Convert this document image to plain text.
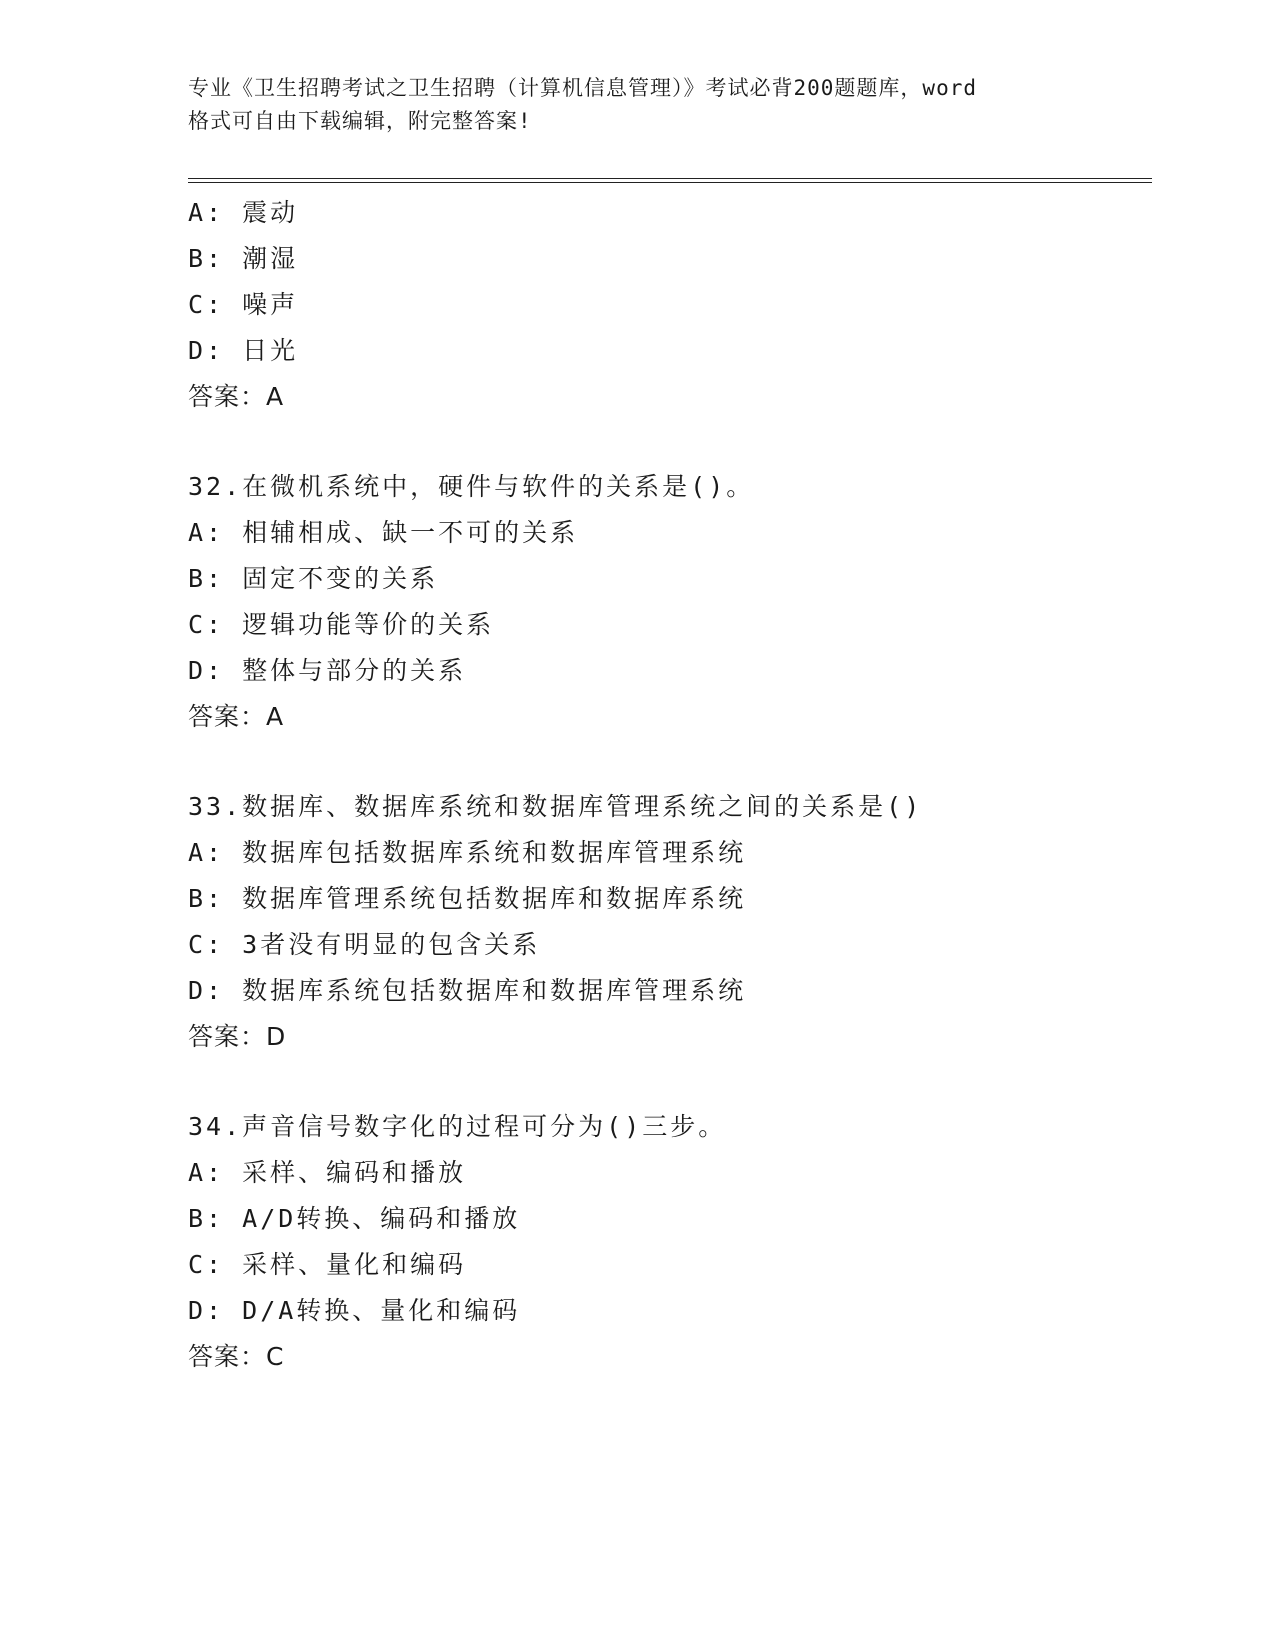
专业《卫生招聘考试之卫生招聘（计算机信息管理）》考试必背200题题库，word
格式可自由下载编辑，附完整答案!
A: 震动
B: 潮湿
C: 噪声
D: 日光
答案：A
32.在微机系统中，硬件与软件的关系是()。
A: 相辅相成、缺一不可的关系
B: 固定不变的关系
C: 逻辑功能等价的关系
D: 整体与部分的关系
答案：A
33.数据库、数据库系统和数据库管理系统之间的关系是()
A: 数据库包括数据库系统和数据库管理系统
B: 数据库管理系统包括数据库和数据库系统
C: 3者没有明显的包含关系
D: 数据库系统包括数据库和数据库管理系统
答案：D
34.声音信号数字化的过程可分为()三步。
A: 采样、编码和播放
B: A/D转换、编码和播放
C: 采样、量化和编码
D: D/A转换、量化和编码
答案：C
